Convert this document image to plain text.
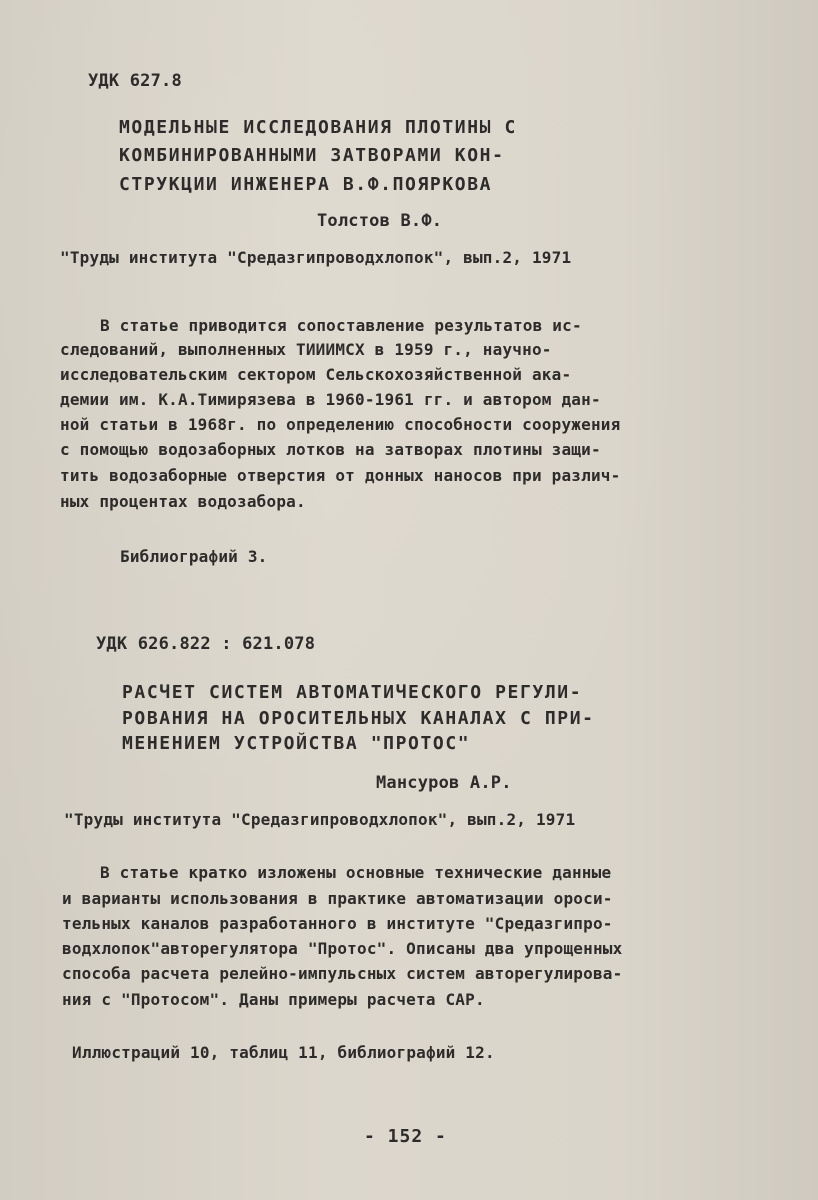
УДК 627.8
МОДЕЛЬНЫЕ ИССЛЕДОВАНИЯ ПЛОТИНЫ С
КОМБИНИРОВАННЫМИ ЗАТВОРАМИ КОН-
СТРУКЦИИ ИНЖЕНЕРА В.Ф.ПОЯРКОВА
Толстов В.Ф.
"Труды института "Средазгипроводхлопок", вып.2, 1971
В статье приводится сопоставление результатов ис-
следований, выполненных ТИИИМСХ в 1959 г., научно-
исследовательским сектором Сельскохозяйственной ака-
демии им. К.А.Тимирязева в 1960-1961 гг. и автором дан-
ной статьи в 1968г. по определению способности сооружения
с помощью водозаборных лотков на затворах плотины защи-
тить водозаборные отверстия от донных наносов при различ-
ных процентах водозабора.
Библиографий 3.
УДК 626.822 : 621.078
РАСЧЕТ СИСТЕМ АВТОМАТИЧЕСКОГО РЕГУЛИ-
РОВАНИЯ НА ОРОСИТЕЛЬНЫХ КАНАЛАХ С ПРИ-
МЕНЕНИЕМ УСТРОЙСТВА "ПРОТОС"
Мансуров А.Р.
"Труды института "Средазгипроводхлопок", вып.2, 1971
В статье кратко изложены основные технические данные
и варианты использования в практике автоматизации ороси-
тельных каналов разработанного в институте "Средазгипро-
водхлопок"авторегулятора "Протос". Описаны два упрощенных
способа расчета релейно-импульсных систем авторегулирова-
ния с "Протосом". Даны примеры расчета САР.
Иллюстраций 10, таблиц 11, библиографий 12.
- 152 -
